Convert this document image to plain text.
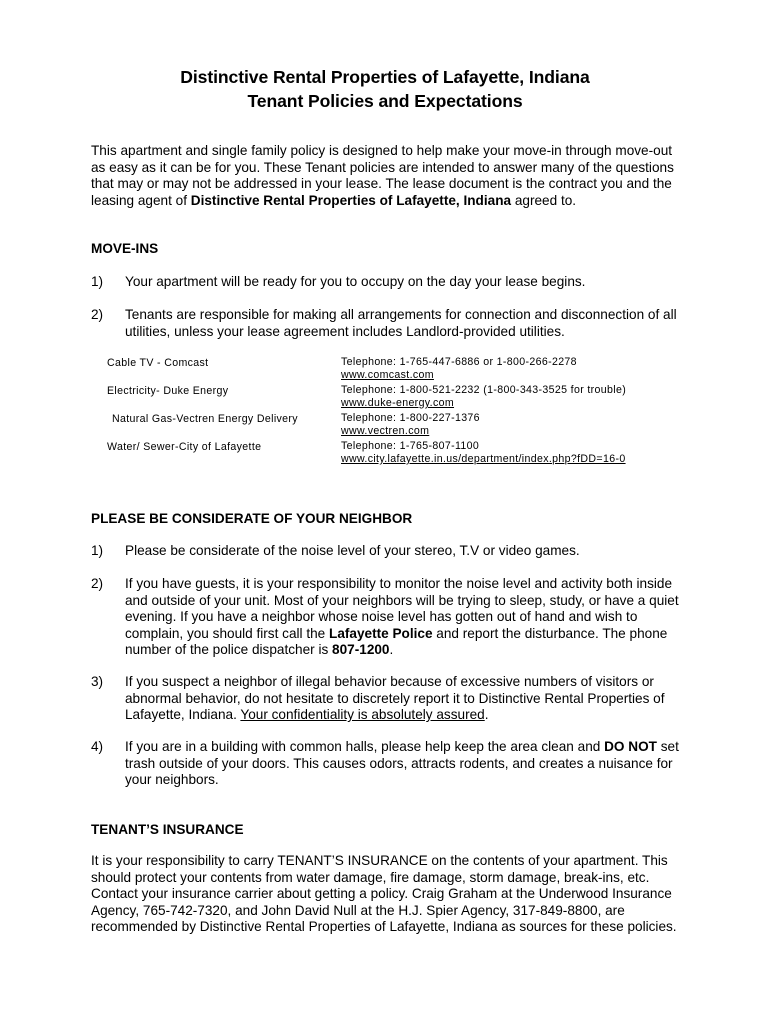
Distinctive Rental Properties of Lafayette, Indiana
Tenant Policies and Expectations
This apartment and single family policy is designed to help make your move-in through move-out as easy as it can be for you. These Tenant policies are intended to answer many of the questions that may or may not be addressed in your lease. The lease document is the contract you and the leasing agent of Distinctive Rental Properties of Lafayette, Indiana agreed to.
MOVE-INS
1) Your apartment will be ready for you to occupy on the day your lease begins.
2) Tenants are responsible for making all arrangements for connection and disconnection of all utilities, unless your lease agreement includes Landlord-provided utilities.
Cable TV - Comcast	Telephone: 1-765-447-6886 or 1-800-266-2278
www.comcast.com
Electricity- Duke Energy	Telephone: 1-800-521-2232 (1-800-343-3525 for trouble)
www.duke-energy.com
Natural Gas-Vectren Energy Delivery	Telephone: 1-800-227-1376
www.vectren.com
Water/ Sewer-City of Lafayette	Telephone: 1-765-807-1100
www.city.lafayette.in.us/department/index.php?fDD=16-0
PLEASE BE CONSIDERATE OF YOUR NEIGHBOR
1) Please be considerate of the noise level of your stereo, T.V or video games.
2) If you have guests, it is your responsibility to monitor the noise level and activity both inside and outside of your unit. Most of your neighbors will be trying to sleep, study, or have a quiet evening. If you have a neighbor whose noise level has gotten out of hand and wish to complain, you should first call the Lafayette Police and report the disturbance. The phone number of the police dispatcher is 807-1200.
3) If you suspect a neighbor of illegal behavior because of excessive numbers of visitors or abnormal behavior, do not hesitate to discretely report it to Distinctive Rental Properties of Lafayette, Indiana. Your confidentiality is absolutely assured.
4) If you are in a building with common halls, please help keep the area clean and DO NOT set trash outside of your doors. This causes odors, attracts rodents, and creates a nuisance for your neighbors.
TENANT’S INSURANCE
It is your responsibility to carry TENANT’S INSURANCE on the contents of your apartment. This should protect your contents from water damage, fire damage, storm damage, break-ins, etc. Contact your insurance carrier about getting a policy. Craig Graham at the Underwood Insurance Agency, 765-742-7320, and John David Null at the H.J. Spier Agency, 317-849-8800, are recommended by Distinctive Rental Properties of Lafayette, Indiana as sources for these policies.
